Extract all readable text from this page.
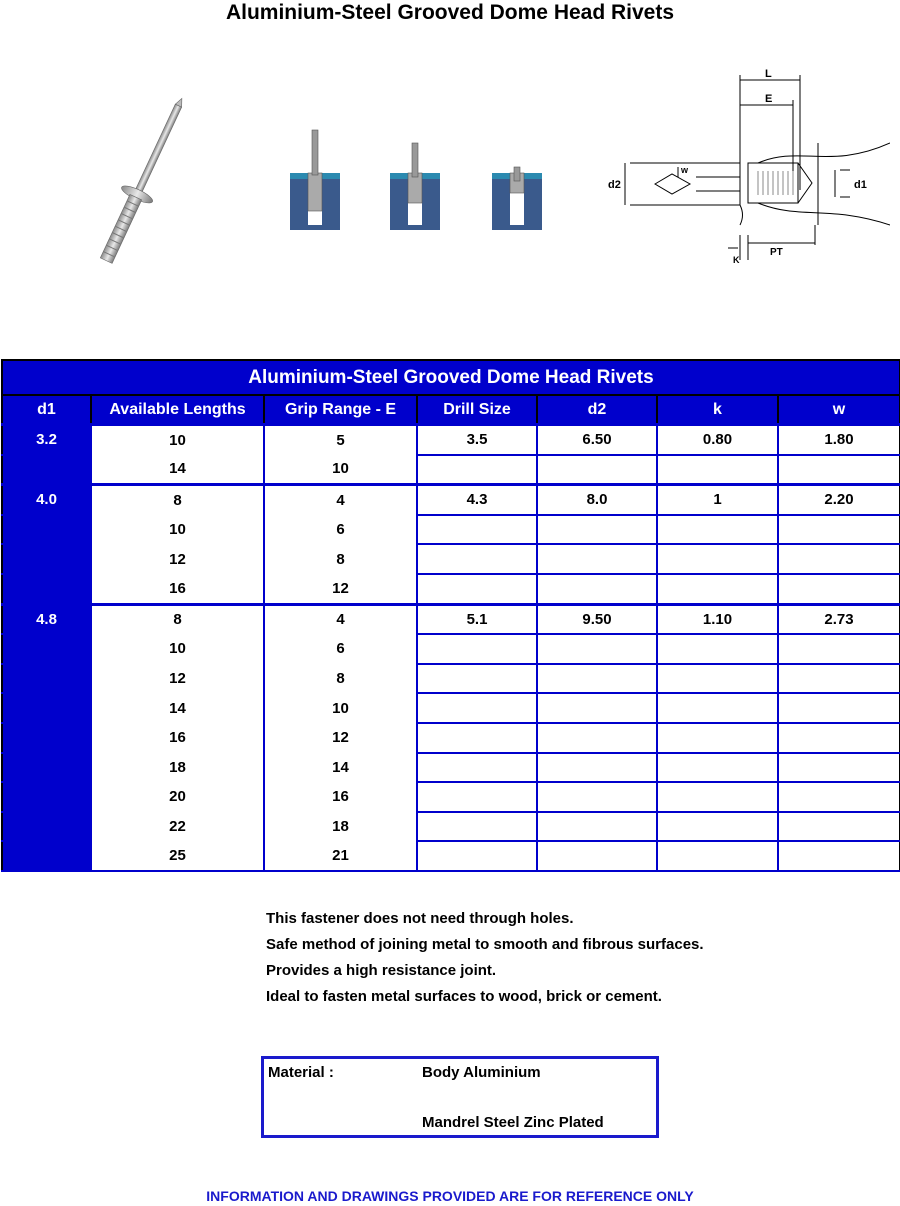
Aluminium-Steel Grooved Dome Head Rivets
L
E
w
d2	d1
K
PT
Aluminium-Steel Grooved Dome Head Rivets						
d1	Available Lengths	Grip Range - E	Drill Size	d2	k	w
3.2	10	5	3.5	6.50	0.80	1.80
	14	10				
4.0	8	4	4.3	8.0	1	2.20
	10	6				
	12	8				
	16	12				
4.8	8	4	5.1	9.50	1.10	2.73
	10	6				
	12	8				
	14	10				
	16	12				
	18	14				
	20	16				
	22	18				
	25	21				
This fastener does not need through holes.
Safe method of joining metal to smooth and fibrous surfaces.
Provides a high resistance joint.
Ideal to fasten metal surfaces to wood, brick or cement.
Material :	Body Aluminium
Mandrel Steel Zinc Plated
INFORMATION AND DRAWINGS PROVIDED ARE FOR REFERENCE ONLY
